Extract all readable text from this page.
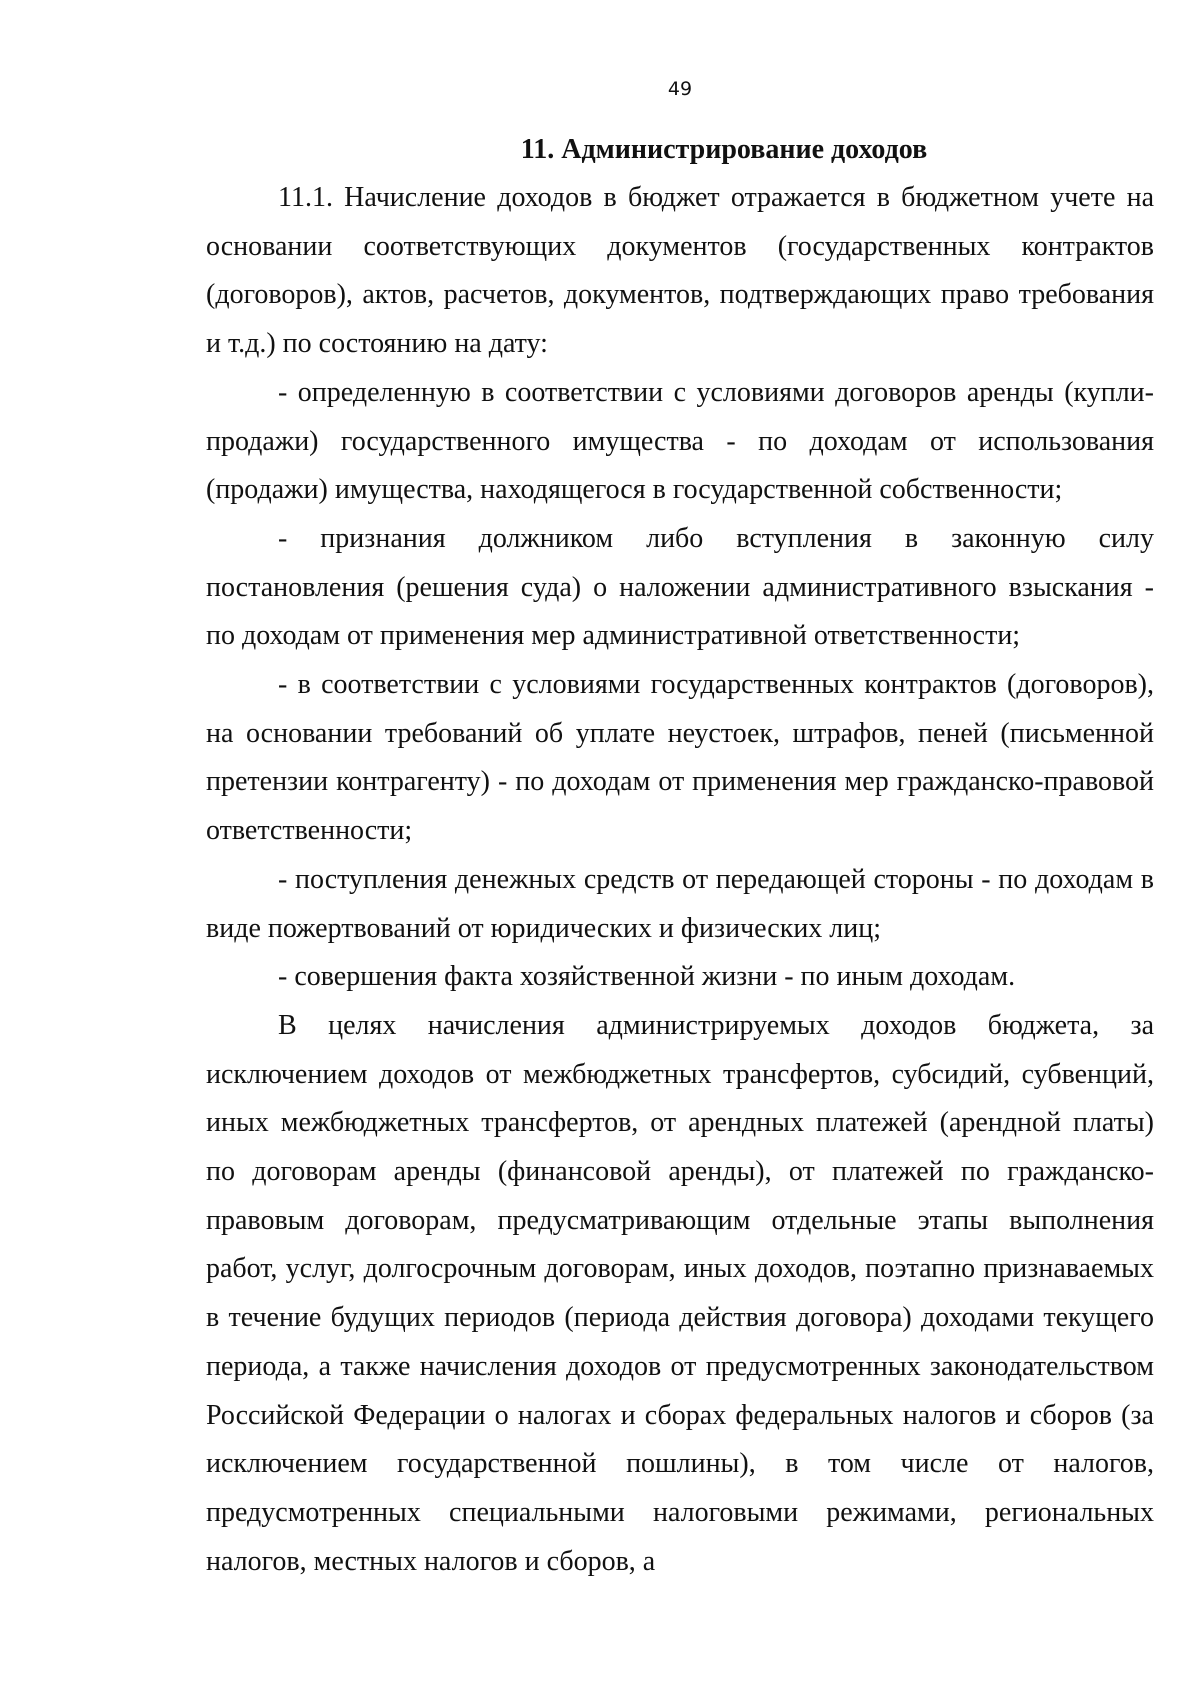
49

11. Администрирование доходов

11.1. Начисление доходов в бюджет отражается в бюджетном учете на основании соответствующих документов (государственных контрактов (договоров), актов, расчетов, документов, подтверждающих право требования и т.д.) по состоянию на дату:

- определенную в соответствии с условиями договоров аренды (купли-продажи) государственного имущества - по доходам от использования (продажи) имущества, находящегося в государственной собственности;

- признания должником либо вступления в законную силу постановления (решения суда) о наложении административного взыскания - по доходам от применения мер административной ответственности;

- в соответствии с условиями государственных контрактов (договоров), на основании требований об уплате неустоек, штрафов, пеней (письменной претензии контрагенту) - по доходам от применения мер гражданско-правовой ответственности;

- поступления денежных средств от передающей стороны - по доходам в виде пожертвований от юридических и физических лиц;

- совершения факта хозяйственной жизни - по иным доходам.

В целях начисления администрируемых доходов бюджета, за исключением доходов от межбюджетных трансфертов, субсидий, субвенций, иных межбюджетных трансфертов, от арендных платежей (арендной платы) по договорам аренды (финансовой аренды), от платежей по гражданско-правовым договорам, предусматривающим отдельные этапы выполнения работ, услуг, долгосрочным договорам, иных доходов, поэтапно признаваемых в течение будущих периодов (периода действия договора) доходами текущего периода, а также начисления доходов от предусмотренных законодательством Российской Федерации о налогах и сборах федеральных налогов и сборов (за исключением государственной пошлины), в том числе от налогов, предусмотренных специальными налоговыми режимами, региональных налогов, местных налогов и сборов, а
